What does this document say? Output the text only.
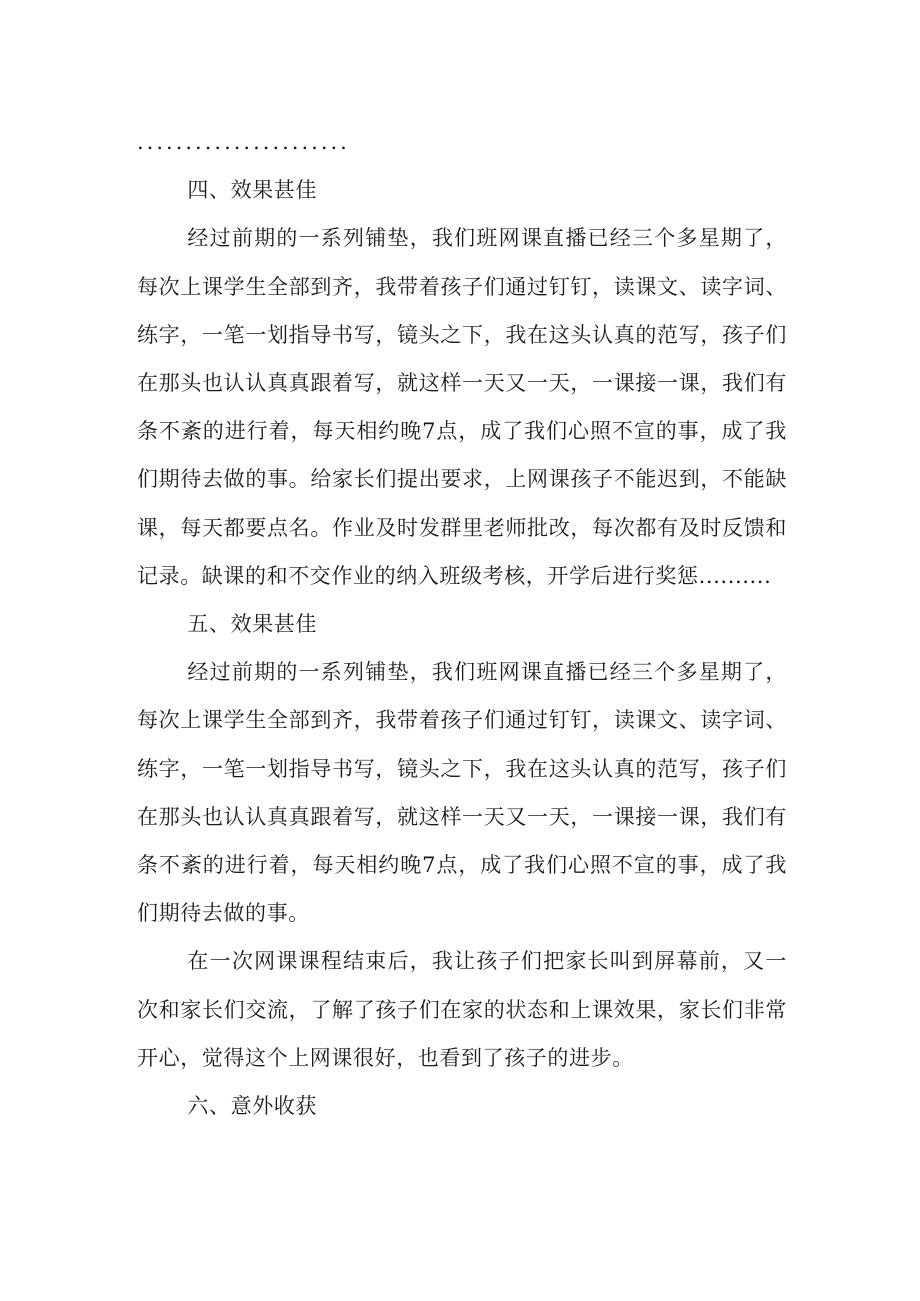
......................

四、效果甚佳

经过前期的一系列铺垫，我们班网课直播已经三个多星期了，每次上课学生全部到齐，我带着孩子们通过钉钉，读课文、读字词、练字，一笔一划指导书写，镜头之下，我在这头认真的范写，孩子们在那头也认认真真跟着写，就这样一天又一天，一课接一课，我们有条不紊的进行着，每天相约晚7点，成了我们心照不宣的事，成了我们期待去做的事。给家长们提出要求，上网课孩子不能迟到，不能缺课，每天都要点名。作业及时发群里老师批改，每次都有及时反馈和记录。缺课的和不交作业的纳入班级考核，开学后进行奖惩..........

五、效果甚佳

经过前期的一系列铺垫，我们班网课直播已经三个多星期了，每次上课学生全部到齐，我带着孩子们通过钉钉，读课文、读字词、练字，一笔一划指导书写，镜头之下，我在这头认真的范写，孩子们在那头也认认真真跟着写，就这样一天又一天，一课接一课，我们有条不紊的进行着，每天相约晚7点，成了我们心照不宣的事，成了我们期待去做的事。

在一次网课课程结束后，我让孩子们把家长叫到屏幕前，又一次和家长们交流，了解了孩子们在家的状态和上课效果，家长们非常开心，觉得这个上网课很好，也看到了孩子的进步。

六、意外收获
